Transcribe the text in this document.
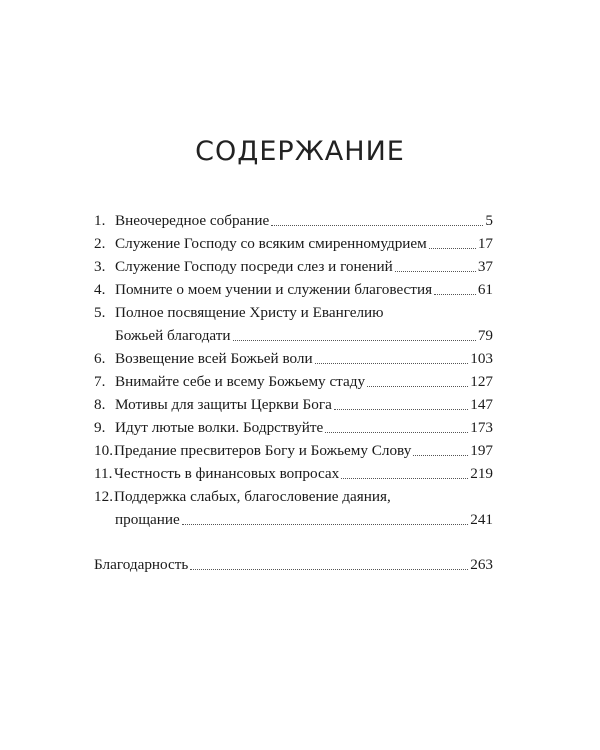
СОДЕРЖАНИЕ
1. Внеочередное собрание	5
2. Служение Господу со всяким смиренномудрием	17
3. Служение Господу посреди слез и гонений	37
4. Помните о моем учении и служении благовестия	61
5. Полное посвящение Христу и Евангелию
Божьей благодати	79
6. Возвещение всей Божьей воли	103
7. Внимайте себе и всему Божьему стаду	127
8. Мотивы для защиты Церкви Бога	147
9. Идут лютые волки. Бодрствуйте	173
10. Предание пресвитеров Богу и Божьему Слову	197
11. Честность в финансовых вопросах	219
12.Поддержка слабых, благословение даяния,
прощание	241
Благодарность	263
